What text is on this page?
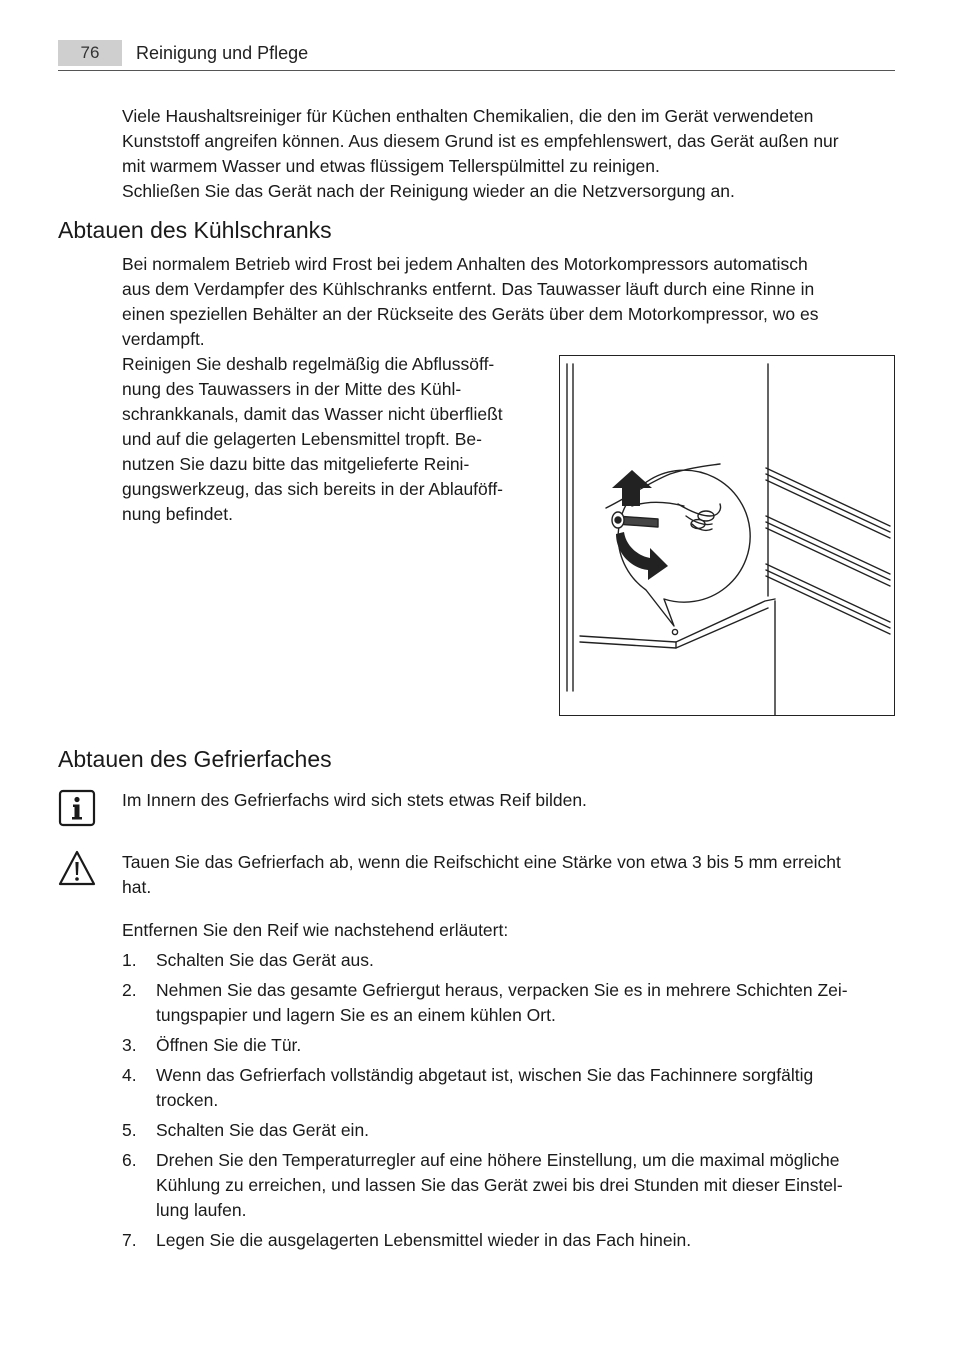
76	Reinigung und Pflege

Viele Haushaltsreiniger für Küchen enthalten Chemikalien, die den im Gerät verwendeten
Kunststoff angreifen können. Aus diesem Grund ist es empfehlenswert, das Gerät außen nur
mit warmem Wasser und etwas flüssigem Tellerspülmittel zu reinigen.
Schließen Sie das Gerät nach der Reinigung wieder an die Netzversorgung an.

Abtauen des Kühlschranks

Bei normalem Betrieb wird Frost bei jedem Anhalten des Motorkompressors automatisch
aus dem Verdampfer des Kühlschranks entfernt. Das Tauwasser läuft durch eine Rinne in
einen speziellen Behälter an der Rückseite des Geräts über dem Motorkompressor, wo es
verdampft.

Reinigen Sie deshalb regelmäßig die Abflussöff-
nung des Tauwassers in der Mitte des Kühl-
schrankkanals, damit das Wasser nicht überfließt
und auf die gelagerten Lebensmittel tropft. Be-
nutzen Sie dazu bitte das mitgelieferte Reini-
gungswerkzeug, das sich bereits in der Ablauföff-
nung befindet.

Abtauen des Gefrierfaches

Im Innern des Gefrierfachs wird sich stets etwas Reif bilden.

Tauen Sie das Gefrierfach ab, wenn die Reifschicht eine Stärke von etwa 3 bis 5 mm erreicht
hat.

Entfernen Sie den Reif wie nachstehend erläutert:

1. Schalten Sie das Gerät aus.
2. Nehmen Sie das gesamte Gefriergut heraus, verpacken Sie es in mehrere Schichten Zei-
tungspapier und lagern Sie es an einem kühlen Ort.
3. Öffnen Sie die Tür.
4. Wenn das Gefrierfach vollständig abgetaut ist, wischen Sie das Fachinnere sorgfältig
trocken.
5. Schalten Sie das Gerät ein.
6. Drehen Sie den Temperaturregler auf eine höhere Einstellung, um die maximal mögliche
Kühlung zu erreichen, und lassen Sie das Gerät zwei bis drei Stunden mit dieser Einstel-
lung laufen.
7. Legen Sie die ausgelagerten Lebensmittel wieder in das Fach hinein.
